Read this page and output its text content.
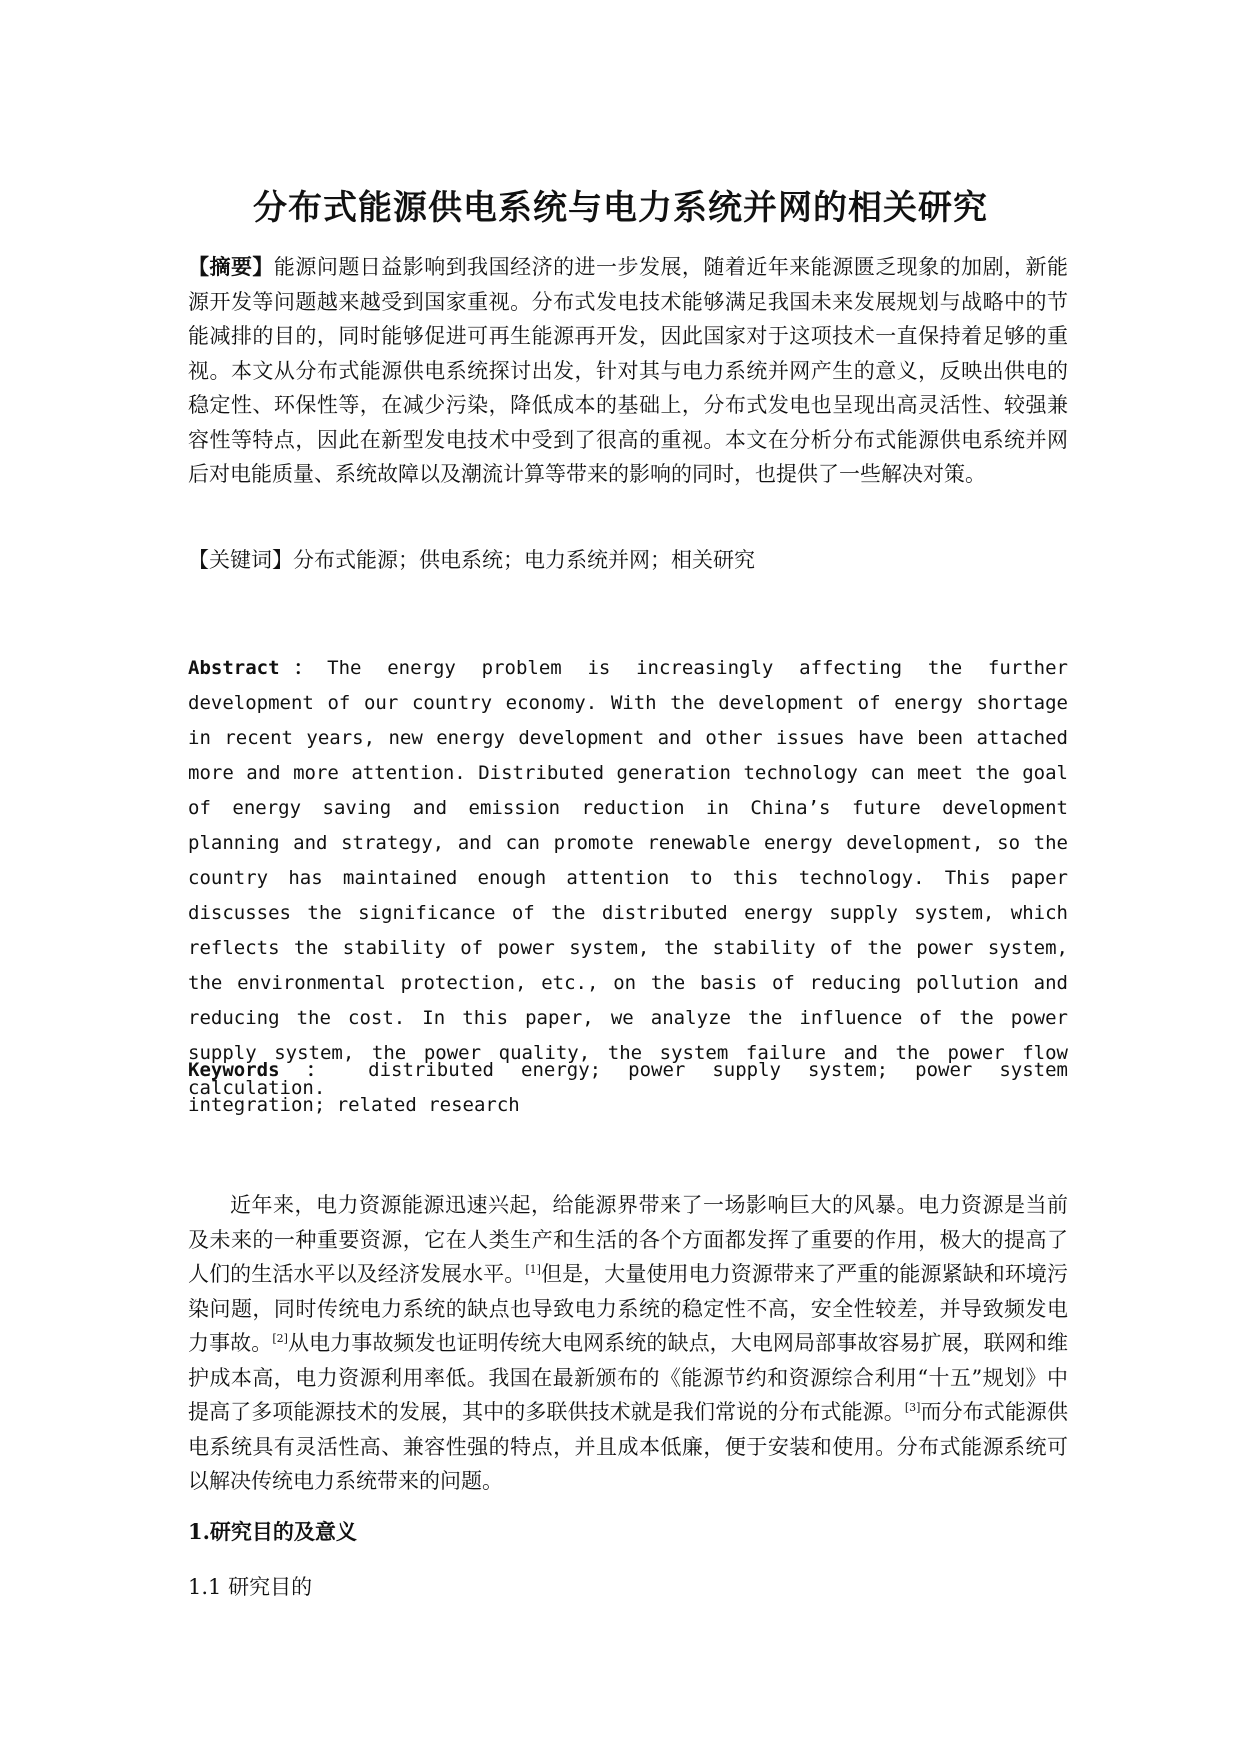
分布式能源供电系统与电力系统并网的相关研究

【摘要】能源问题日益影响到我国经济的进一步发展，随着近年来能源匮乏现象的加剧，新能源开发等问题越来越受到国家重视。分布式发电技术能够满足我国未来发展规划与战略中的节能减排的目的，同时能够促进可再生能源再开发，因此国家对于这项技术一直保持着足够的重视。本文从分布式能源供电系统探讨出发，针对其与电力系统并网产生的意义，反映出供电的稳定性、环保性等，在减少污染，降低成本的基础上，分布式发电也呈现出高灵活性、较强兼容性等特点，因此在新型发电技术中受到了很高的重视。本文在分析分布式能源供电系统并网后对电能质量、系统故障以及潮流计算等带来的影响的同时，也提供了一些解决对策。

【关键词】分布式能源；供电系统；电力系统并网；相关研究

Abstract：The energy problem is increasingly affecting the further development of our country economy. With the development of energy shortage in recent years, new energy development and other issues have been attached more and more attention. Distributed generation technology can meet the goal of energy saving and emission reduction in China’s future development planning and strategy, and can promote renewable energy development, so the country has maintained enough attention to this technology. This paper discusses the significance of the distributed energy supply system, which reflects the stability of power system, the stability of the power system, the environmental protection, etc., on the basis of reducing pollution and reducing the cost. In this paper, we analyze the influence of the power supply system, the power quality, the system failure and the power flow calculation.

Keywords ： distributed energy; power supply system; power system integration; related research

近年来，电力资源能源迅速兴起，给能源界带来了一场影响巨大的风暴。电力资源是当前及未来的一种重要资源，它在人类生产和生活的各个方面都发挥了重要的作用，极大的提高了人们的生活水平以及经济发展水平。[1]但是，大量使用电力资源带来了严重的能源紧缺和环境污染问题，同时传统电力系统的缺点也导致电力系统的稳定性不高，安全性较差，并导致频发电力事故。[2]从电力事故频发也证明传统大电网系统的缺点，大电网局部事故容易扩展，联网和维护成本高，电力资源利用率低。我国在最新颁布的《能源节约和资源综合利用“十五”规划》中提高了多项能源技术的发展，其中的多联供技术就是我们常说的分布式能源。[3]而分布式能源供电系统具有灵活性高、兼容性强的特点，并且成本低廉，便于安装和使用。分布式能源系统可以解决传统电力系统带来的问题。

1.研究目的及意义

1.1 研究目的
